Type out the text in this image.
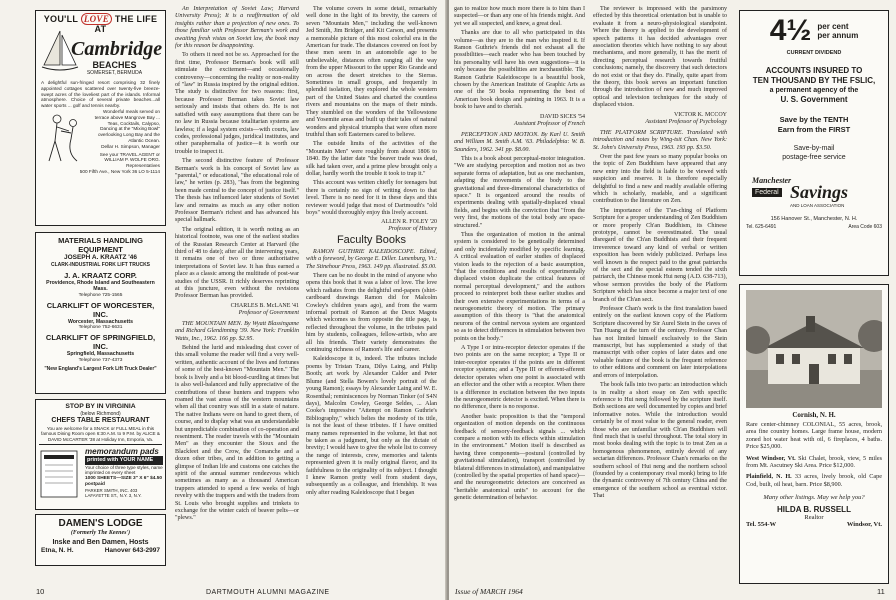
YOU'LL LOVE THE LIFE AT
Cambridge
BEACHES
SOMERSET, BERMUDA
A delightful sun-fringed resort comprising 32 finely appointed cottages scattered over twenty-five breeze-swept acres of the loveliest part of the islands. Informal atmosphere. Choice of several private beaches...all water sports ... golf and tennis nearby.
Wonderful meals served on terrace above Mangrove Bay ... Teas, Cocktails, Calypso, Dancing at the "Mixing Bowl" overlooking Long Bay and the Atlantic Ocean.
Dellar H. Simpson, Manager
See your TRAVEL AGENT or WILLIAM P. WOLFE ORG. Representatives
500 Fifth Ave., New York 36 LO 5-1114
MATERIALS HANDLING EQUIPMENT
JOSEPH A. KRAATZ '46
CLARK-INDUSTRIAL FORK LIFT TRUCKS
J. A. KRAATZ CORP.
Providence, Rhode Island and Southeastern Mass.
Telephone 725-1565
CLARKLIFT OF WORCESTER, INC.
Worcester, Massachusetts
Telephone 752-6631
CLARKLIFT OF SPRINGFIELD, INC.
Springfield, Massachusetts
Telephone 737-4373
"New England's Largest Fork Lift Truck Dealer"
STOP BY IN VIRGINIA
(below Richmond)
CHEFS TABLE RESTAURANT
You are welcome for a SNACK or FULL MEAL in this famous Dining Room open 6:30 A.M. to 9 P.M. by ALICE & DAVID McCARTER '38 at Holiday Inn, Emporia, Va.
memorandum pads
printed with YOUR NAME
Your choice of three type styles, name imprinted on every sheet
1000 SHEETS—SIZE 3" X 6" $4.50 postpaid
PARKER SMITH, INC. 403 LAFAYETTE ST., N.Y. 3, N.Y.
DAMEN'S LODGE
(Formerly The Keenes')
Inske and Ben Damen, Hosts
Etna, N. H.	Hanover 643-2997

An Interpretation of Soviet Law; Harvard University Press); It is a reaffirmation of old insights rather than a projection of new ones. To those familiar with Professor Berman's work and awaiting fresh vistas on Soviet law, the book may for this reason be disappointing.

To others it need not be so. Approached for the first time, Professor Berman's book will still stimulate the excitement—and occasionally controversy—concerning the reality or non-reality of "law" in Russia inspired by the original edition. The study is distinctive for two reasons: first, because Professor Berman takes Soviet law seriously and insists that others do. He is not satisfied with easy assumptions that there can be no law in Russia because totalitarian systems are lawless; if a legal system exists—with courts, law codes, professional judges, juridical institutes, and other paraphernalia of justice—it is worth our trouble to inspect it.

The second distinctive feature of Professor Berman's work is his concept of Soviet law as "parental," or educational, "the educational role of law," he writes (p. 283), "has from the beginning been made central to the concept of justice itself." The thesis has influenced later students of Soviet law and remains as much as any other notion Professor Berman's richest and has advanced his special hallmark.

The original edition, it is worth noting as an historical footnote, was one of the earliest studies of the Russian Research Center at Harvard (the third of 48 to date); after all the intervening years, it remains one of two or three authoritative interpretations of Soviet law. It has thus earned a place as a classic among the multitude of post-war studies of the USSR. It richly deserves reprinting at this juncture, even without the revisions Professor Berman has provided.

CHARLES B. McLANE '41
Professor of Government

THE MOUNTAIN MEN. By Wyatt Blassingame and Richard Glendinning '39. New York: Franklin Watts, Inc., 1962. 166 pp. $2.95.

Behind the lurid and misleading dust cover of this small volume the reader will find a very well-written, authentic account of the lives and fortunes of some of the best-known "Mountain Men." The book is lively and a bit blood-curdling at times but is also well-balanced and fully appreciative of the contributions of these hunters and trappers who roamed the vast areas of the western mountains when all that country was still in a state of nature. The native Indians were on hand to greet them, of course, and to display what was an understandable but unpredictable combination of co-operation and resentment. The reader travels with the "Mountain Men" as they encounter the Sioux and the Blackfeet and the Crow, the Comanche and a dozen other tribes, and in addition to getting a glimpse of Indian life and customs one catches the spirit of the annual summer rendezvous which sometimes as many as a thousand American trappers attended to spend a few weeks of high revelry with the trappers and with the traders from St. Louis who brought supplies and trinkets to exchange for the winter catch of beaver pelts—or "plews."

The volume covers in some detail, remarkably well done in the light of its brevity, the careers of seven "Mountain Men," including the well-known Jed Smith, Jim Bridger, and Kit Carson, and presents a memorable picture of this most colorful era in the American fur trade. The distances covered on foot by these men seem in an automobile age to be unbelievable, distances often ranging all the way from the upper Missouri to the upper Rio Grande and on across the desert stretches to the Sierras. Sometimes in small groups, and frequently in splendid isolation, they explored the whole western part of the United States and charted the countless rivers and mountains on the maps of their minds. They stumbled on the wonders of the Yellowstone and Yosemite areas and built up their tales of natural wonders and physical triumphs that were often more truthful than soft Easterners cared to believe.

The outside limits of the activities of the "Mountain Men" were roughly from about 1806 to 1840. By the latter date "the beaver trade was dead, silk had taken over, and a prime plew brought only a dollar, hardly worth the trouble it took to trap it."

This account was written chiefly for teenagers but there is certainly no sign of writing down to that level. There is no need for it in these days and this reviewer would judge that most of Dartmouth's "old boys" would thoroughly enjoy this lively account.

ALLEN R. FOLEY '20
Professor of History
Faculty Books

RAMON GUTHRIE KALEIDOSCOPE. Edited, with a foreword, by George E. Diller. Lunenburg, Vt.: The Stinehour Press, 1963. 149 pp. illustrated. $5.00.

There can be no doubt in the mind of anyone who opens this book that it was a labor of love. The love which radiates from the delightful end-papers (shirt-cardboard drawings Ramon did for Malcolm Cowley's children years ago), and from the warm informal portrait of Ramon at the Deux Magots which welcomes us from opposite the title page, is reflected throughout the volume, in the tributes paid him by students, colleagues, fellow-artists, who are all his friends. Their variety demonstrates the continuing richness of Ramon's life and career.

Kaleidoscope it is, indeed. The tributes include poems by Tristan Tzara, Dilys Laing, and Philip Booth; art work by Alexander Calder and Peter Blume (and Stella Bowen's lovely portrait of the young Ramon); essays by Alexander Laing and W. E. Rosenthal; reminiscences by Norman Tinker (of S4N days), Malcolm Cowley, George Seldes, ... Alan Cooke's impressive "Attempt on Ramon Guthrie's Bibliography," which belies the modesty of its title, is not the least of these tributes. If I have omitted many names represented in the volume, let that not be taken as a judgment, but only as the dictate of brevity; I would have to give the whole list to convey the range of interests, crew, memories and talents represented given it is really original flavor, and its faithfulness to the originality of its subject. I thought I knew Ramon pretty well from student days, subsequently as a colleague, and friendship. It was only after reading Kaleidoscope that I began

10	DARTMOUTH ALUMNI MAGAZINE

gan to realize how much more there is to him than I suspected—or than any one of his friends might. And yet we all suspected, and knew, a great deal.

Thanks are due to all who participated in this volume—as they are to the man who inspired it. If Ramon Guthrie's friends did not exhaust all the possibilities—each reader who has been touched by his personality will have his own suggestions—it is only because the possibilities are inexhaustible. The Ramon Guthrie Kaleidoscope is a beautiful book, chosen by the American Institute of Graphic Arts as one of the 50 books representing the best of American book design and painting in 1963. It is a book to have and to cherish.

DAVID SICES '54
Assistant Professor of French

PERCEPTION AND MOTION. By Karl U. Smith and William M. Smith A.M. '63. Philadelphia: W. B. Saunders, 1962. 341 pp. $8.00.

This is a book about perceptual-motor integration. "We are studying perception and motion not as two separate forms of adaptation, but as one mechanism, adapting the movements of the body to the gravitational and three-dimensional characteristics of space." It is organized around the results of experiments dealing with spatially-displaced visual fields, and begins with the conviction that "from the very first, the motions of the total body are space-structured."

Thus the organization of motion in the animal system is considered to be genetically determined and only incidentally modified by specific learning. A critical evaluation of earlier studies of displaced vision leads to the rejection of a basic assumption, "that the conditions and results of experimentally displaced vision duplicate the critical features of normal perceptual development," and the authors proceed to reinterpret both these earlier studies and their own extensive experimentations in terms of a neurogeometric theory of motion. The primary assumption of this theory is "that the anatomical neurons of the central nervous system are organized so as to detect differences in stimulation between two points on the body."

A Type I or intra-receptor detector operates if the two points are on the same receptor; a Type II or inter-receptor operates if the points are in different receptor systems; and a Type III or efferent-afferent detector operates when one point is associated with an effector and the other with a receptor. When there is a difference in excitation between the two inputs the neurogeometric detector is excited. When there is no difference, there is no response.

Another basic proposition is that the "temporal organization of motion depends on the continuous feedback of sensory-feedback signals ... which compare a motion with its effects within stimulation in the environment." Motion itself is described as having three components—postural (controlled by gravitational stimulation), transport (controlled by bilateral differences in stimulation), and manipulative (controlled by the spatial properties of hand space)—and the neurogeometric detectors are conceived as "heritable anatomical units" to account for the genetic determination of behavior.

The reviewer is impressed with the parsimony effected by this theoretical orientation but is unable to evaluate it from a neuro-physiological standpoint. Where the theory is applied to the development of speech patterns it has decided advantages over association theories which have nothing to say about mechanisms, and more generally, it has the merit of directing perceptual research towards fruitful conclusions; namely, the discovery that such detectors do not exist or that they do. Finally, quite apart from the theory, this book serves an important function through the introduction of new and much improved optical and television techniques for the study of displaced vision.

VICTOR K. MCCOY
Assistant Professor of Psychology

THE PLATFORM SCRIPTURE. Translated with introduction and notes by Wing-tsit Chan. New York: St. John's University Press, 1963. 193 pp. $3.50.

Over the past few years so many popular books on the topic of Zen Buddhism have appeared that any new entry into the field is liable to be viewed with suspicion and reserve. It is therefore especially delightful to find a new and readily available offering which is scholarly, readable, and a significant contribution to the literature on Zen.

The importance of the T'an-ching of Platform Scripture for a proper understanding of Zen Buddhism or more properly Ch'an Buddhism, its Chinese prototype, cannot be overestimated. The usual disregard of the Ch'an Buddhists and their frequent irreverence toward any kind of verbal or written exposition has been widely publicized. Perhaps less well known is the respect paid to the great patriarchs of the sect and the special esteem tended the sixth patriarch, the Chinese monk Hui neng (A.D. 638-713), whose sermon provides the body of the Platform Scripture which has since become a major text of one branch of the Ch'an sect.

Professor Chan's work is the first translation based entirely on the earliest known copy of the Platform Scripture discovered by Sir Aurel Stein in the caves of Tun Huang at the turn of the century. Professor Chan has not limited himself exclusively to the Stein manuscript, but has supplemented a study of that manuscript with other copies of later dates and one valuable feature of the book is the frequent reference to other editions and comment on later interpolations and errors of interpolation.

The book falls into two parts: an introduction which is in reality a short essay on Zen with specific reference to Hui neng followed by the scripture itself. Both sections are well documented by copies and brief informative notes. While the introduction would certainly be of most value to the general reader, even those who are unfamiliar with Ch'an Buddhism will find much that is useful throughout. The total story in most books dealing with the topic is to treat Zen as a homogenous phenomenon, entirely devoid of any sectarian differences. Professor Chan's remarks on the southern school of Hui neng and the northern school (founded by a contemporary rival monk) bring to life the dynamic controversy of 7th century China and the emergence of the southern school as eventual victor. That

4½ per cent
per annum
CURRENT DIVIDEND
ACCOUNTS INSURED TO
TEN THOUSAND BY THE FSLIC,
a permanent agency of the
U. S. Government
Save by the TENTH
Earn from the FIRST
Save-by-mail
postage-free service
Manchester
Federal Savings
AND LOAN ASSOCIATION
156 Hanover St., Manchester, N. H.
Tel. 625-6491	Area Code 603
Cornish, N. H.
Rare center-chimney COLONIAL, 55 acres, brook, area fine country homes. Large frame house, modern zoned hot water heat with oil, 6 fireplaces, 4 baths. Price $25,000.
West Windsor, Vt. Ski Chalet, brook, view, 5 miles from Mt. Ascutney Ski Area. Price $12,000.
Plainfield, N. H. 33 acres, lively brook, old Cape Cod, built, oil heat, barn. Price $8,900.
Many other listings. May we help you?
HILDA B. RUSSELL
Realtor
Tel. 554-W	Windsor, Vt.
Issue of MARCH 1964	11
